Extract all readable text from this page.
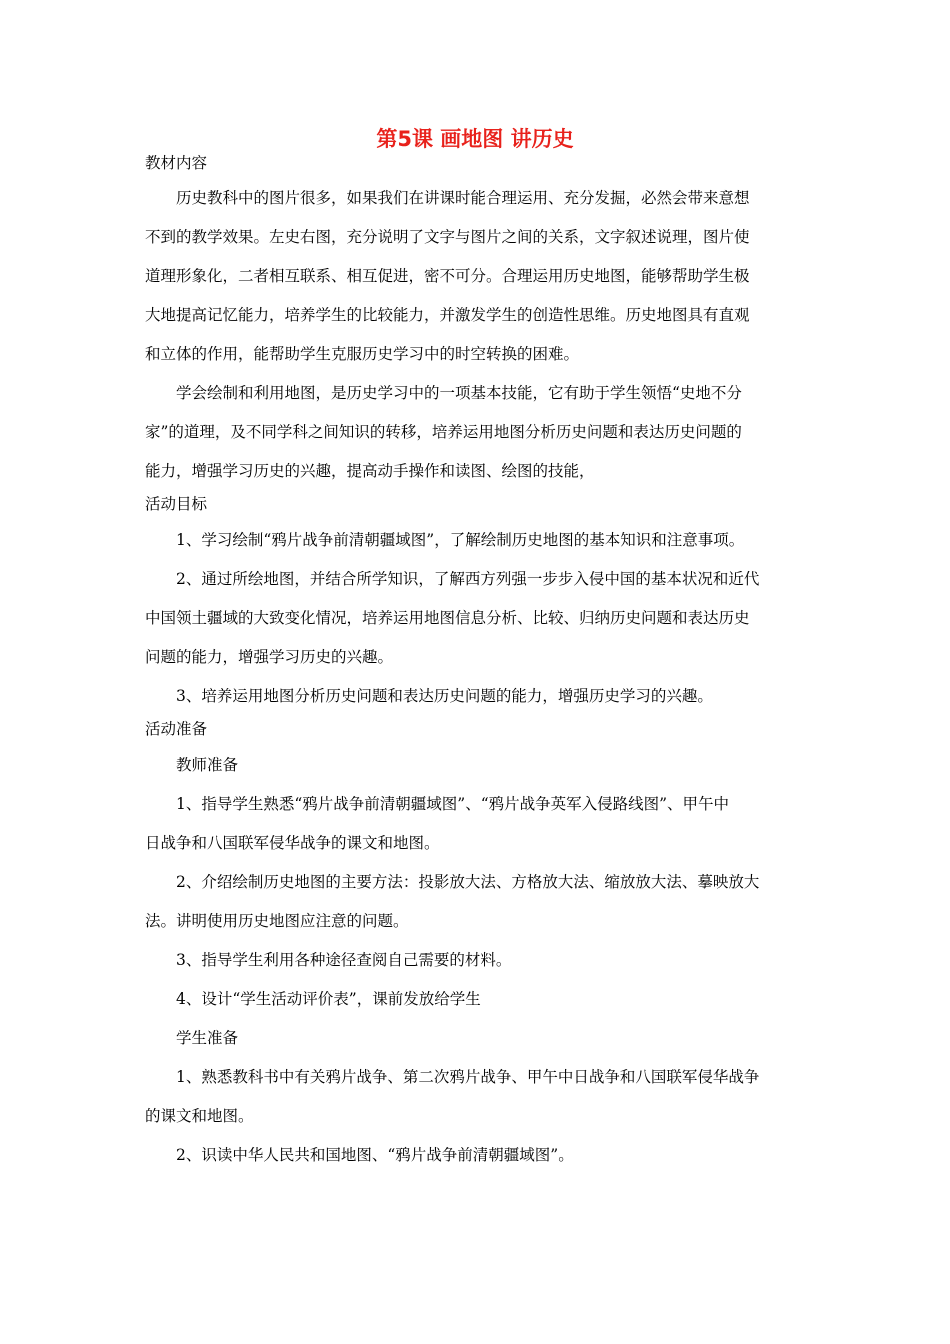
第5课 画地图 讲历史

教材内容

历史教科中的图片很多，如果我们在讲课时能合理运用、充分发掘，必然会带来意想

不到的教学效果。左史右图，充分说明了文字与图片之间的关系，文字叙述说理，图片使

道理形象化，二者相互联系、相互促进，密不可分。合理运用历史地图，能够帮助学生极

大地提高记忆能力，培养学生的比较能力，并激发学生的创造性思维。历史地图具有直观

和立体的作用，能帮助学生克服历史学习中的时空转换的困难。

学会绘制和利用地图，是历史学习中的一项基本技能，它有助于学生领悟“史地不分

家”的道理，及不同学科之间知识的转移，培养运用地图分析历史问题和表达历史问题的

能力，增强学习历史的兴趣，提高动手操作和读图、绘图的技能，

活动目标

1、学习绘制“鸦片战争前清朝疆域图”，了解绘制历史地图的基本知识和注意事项。

2、通过所绘地图，并结合所学知识，了解西方列强一步步入侵中国的基本状况和近代

中国领土疆域的大致变化情况，培养运用地图信息分析、比较、归纳历史问题和表达历史

问题的能力，增强学习历史的兴趣。

3、培养运用地图分析历史问题和表达历史问题的能力，增强历史学习的兴趣。

活动准备

教师准备

1、指导学生熟悉“鸦片战争前清朝疆域图”、“鸦片战争英军入侵路线图”、甲午中

日战争和八国联军侵华战争的课文和地图。

2、介绍绘制历史地图的主要方法：投影放大法、方格放大法、缩放放大法、摹映放大

法。讲明使用历史地图应注意的问题。

3、指导学生利用各种途径查阅自己需要的材料。

4、设计“学生活动评价表”，课前发放给学生

学生准备

1、熟悉教科书中有关鸦片战争、第二次鸦片战争、甲午中日战争和八国联军侵华战争

的课文和地图。

2、识读中华人民共和国地图、“鸦片战争前清朝疆域图”。
